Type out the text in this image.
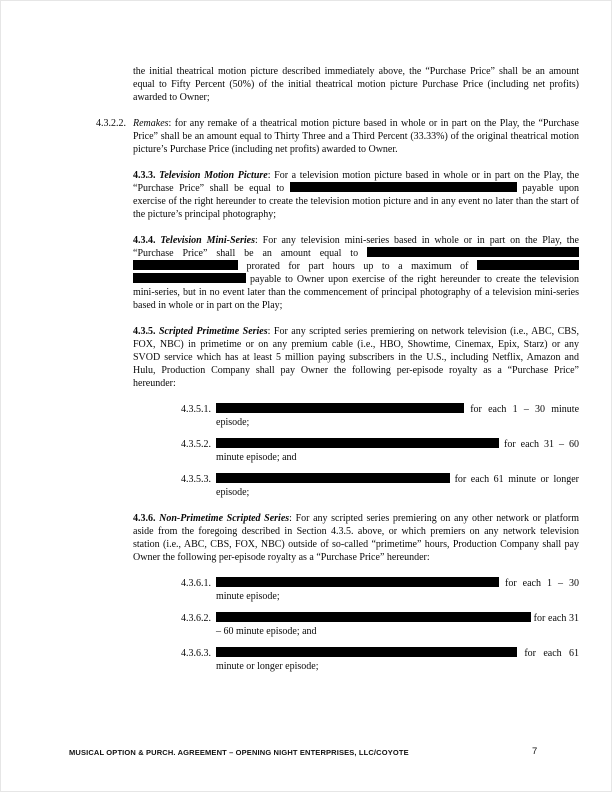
the initial theatrical motion picture described immediately above, the “Purchase Price” shall be an amount equal to Fifty Percent (50%) of the initial theatrical motion picture Purchase Price (including net profits) awarded to Owner;

4.3.2.2. Remakes: for any remake of a theatrical motion picture based in whole or in part on the Play, the “Purchase Price” shall be an amount equal to Thirty Three and a Third Percent (33.33%) of the original theatrical motion picture’s Purchase Price (including net profits) awarded to Owner.

4.3.3. Television Motion Picture: For a television motion picture based in whole or in part on the Play, the “Purchase Price” shall be equal to	payable upon exercise of the right hereunder to create the television motion picture and in any event no later than the start of the picture’s principal photography;

4.3.4. Television Mini-Series: For any television mini-series based in whole or in part on the Play, the “Purchase Price” shall be an amount equal to   prorated for part hours up to a maximum of   payable to Owner upon exercise of the right hereunder to create the television mini-series, but in no event later than the commencement of principal photography of a television mini-series based in whole or in part on the Play;

4.3.5. Scripted Primetime Series: For any scripted series premiering on network television (i.e., ABC, CBS, FOX, NBC) in primetime or on any premium cable (i.e., HBO, Showtime, Cinemax, Epix, Starz) or any SVOD service which has at least 5 million paying subscribers in the U.S., including Netflix, Amazon and Hulu, Production Company shall pay Owner the following per-episode royalty as a “Purchase Price” hereunder:

4.3.5.1.	for each 1 – 30 minute episode;
4.3.5.2.	for each 31 – 60 minute episode; and
4.3.5.3.	for each 61 minute or longer episode;

4.3.6. Non-Primetime Scripted Series: For any scripted series premiering on any other network or platform aside from the foregoing described in Section 4.3.5. above, or which premiers on any network television station (i.e., ABC, CBS, FOX, NBC) outside of so-called “primetime” hours, Production Company shall pay Owner the following per-episode royalty as a “Purchase Price” hereunder:

4.3.6.1.	for each 1 – 30 minute episode;
4.3.6.2.	for each 31 – 60 minute episode; and
4.3.6.3.	for each 61 minute or longer episode;
MUSICAL OPTION & PURCH. AGREEMENT – OPENING NIGHT ENTERPRISES, LLC/COYOTE	7
